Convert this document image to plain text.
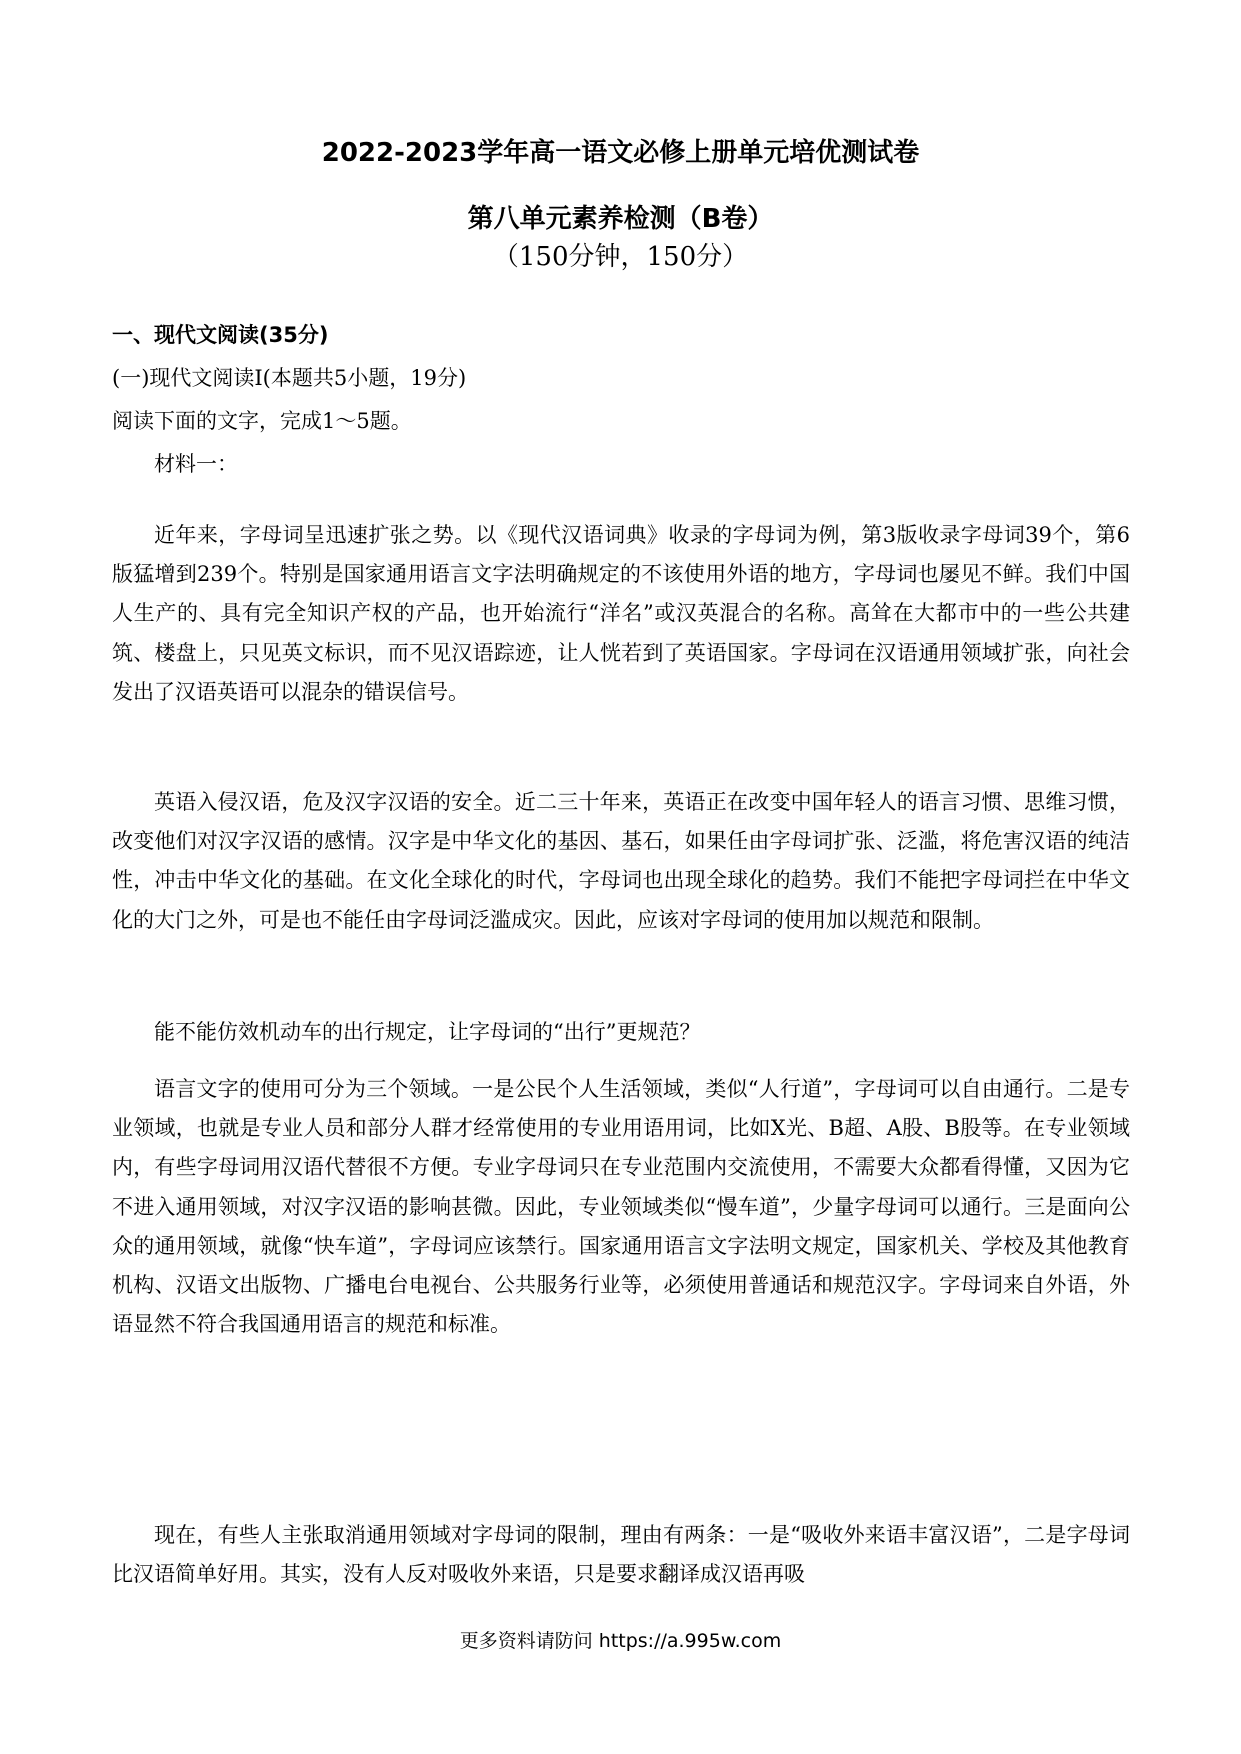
2022-2023学年高一语文必修上册单元培优测试卷
第八单元素养检测（B卷）
（150分钟，150分）
一、现代文阅读(35分)
(一)现代文阅读Ⅰ(本题共5小题，19分)
阅读下面的文字，完成1～5题。
材料一：

近年来，字母词呈迅速扩张之势。以《现代汉语词典》收录的字母词为例，第3版收录字母词39个，第6版猛增到239个。特别是国家通用语言文字法明确规定的不该使用外语的地方，字母词也屡见不鲜。我们中国人生产的、具有完全知识产权的产品，也开始流行“洋名”或汉英混合的名称。高耸在大都市中的一些公共建筑、楼盘上，只见英文标识，而不见汉语踪迹，让人恍若到了英语国家。字母词在汉语通用领域扩张，向社会发出了汉语英语可以混杂的错误信号。

英语入侵汉语，危及汉字汉语的安全。近二三十年来，英语正在改变中国年轻人的语言习惯、思维习惯，改变他们对汉字汉语的感情。汉字是中华文化的基因、基石，如果任由字母词扩张、泛滥，将危害汉语的纯洁性，冲击中华文化的基础。在文化全球化的时代，字母词也出现全球化的趋势。我们不能把字母词拦在中华文化的大门之外，可是也不能任由字母词泛滥成灾。因此，应该对字母词的使用加以规范和限制。

能不能仿效机动车的出行规定，让字母词的“出行”更规范？

语言文字的使用可分为三个领域。一是公民个人生活领域，类似“人行道”，字母词可以自由通行。二是专业领域，也就是专业人员和部分人群才经常使用的专业用语用词，比如X光、B超、A股、B股等。在专业领域内，有些字母词用汉语代替很不方便。专业字母词只在专业范围内交流使用，不需要大众都看得懂，又因为它不进入通用领域，对汉字汉语的影响甚微。因此，专业领域类似“慢车道”，少量字母词可以通行。三是面向公众的通用领域，就像“快车道”，字母词应该禁行。国家通用语言文字法明文规定，国家机关、学校及其他教育机构、汉语文出版物、广播电台电视台、公共服务行业等，必须使用普通话和规范汉字。字母词来自外语，外语显然不符合我国通用语言的规范和标准。

现在，有些人主张取消通用领域对字母词的限制，理由有两条：一是“吸收外来语丰富汉语”，二是字母词比汉语简单好用。其实，没有人反对吸收外来语，只是要求翻译成汉语再吸

更多资料请防问 https://a.995w.com
